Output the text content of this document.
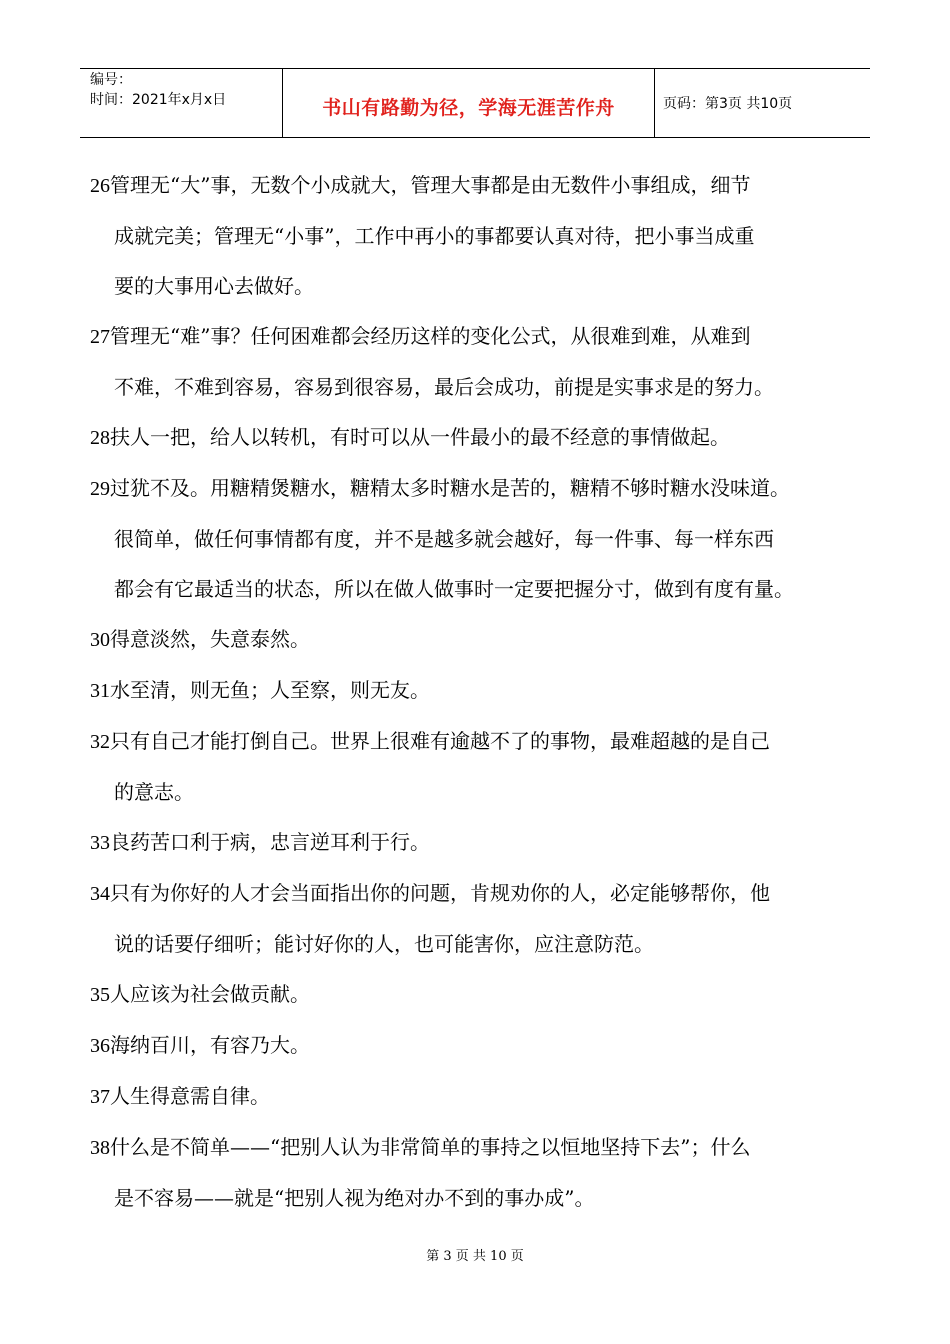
编号：
时间：2021年x月x日	书山有路勤为径，学海无涯苦作舟	页码：第3页 共10页
26管理无“大”事，无数个小成就大，管理大事都是由无数件小事组成，细节
成就完美；管理无“小事”，工作中再小的事都要认真对待，把小事当成重
要的大事用心去做好。
27管理无“难”事？任何困难都会经历这样的变化公式，从很难到难，从难到
不难，不难到容易，容易到很容易，最后会成功，前提是实事求是的努力。
28扶人一把，给人以转机，有时可以从一件最小的最不经意的事情做起。
29过犹不及。用糖精煲糖水，糖精太多时糖水是苦的，糖精不够时糖水没味道。
很简单，做任何事情都有度，并不是越多就会越好，每一件事、每一样东西
都会有它最适当的状态，所以在做人做事时一定要把握分寸，做到有度有量。
30得意淡然，失意泰然。
31水至清，则无鱼；人至察，则无友。
32只有自己才能打倒自己。世界上很难有逾越不了的事物，最难超越的是自己
的意志。
33良药苦口利于病，忠言逆耳利于行。
34只有为你好的人才会当面指出你的问题，肯规劝你的人，必定能够帮你，他
说的话要仔细听；能讨好你的人，也可能害你，应注意防范。
35人应该为社会做贡献。
36海纳百川，有容乃大。
37人生得意需自律。
38什么是不简单——“把别人认为非常简单的事持之以恒地坚持下去”；什么
是不容易——就是“把别人视为绝对办不到的事办成”。
第 3 页 共 10 页
